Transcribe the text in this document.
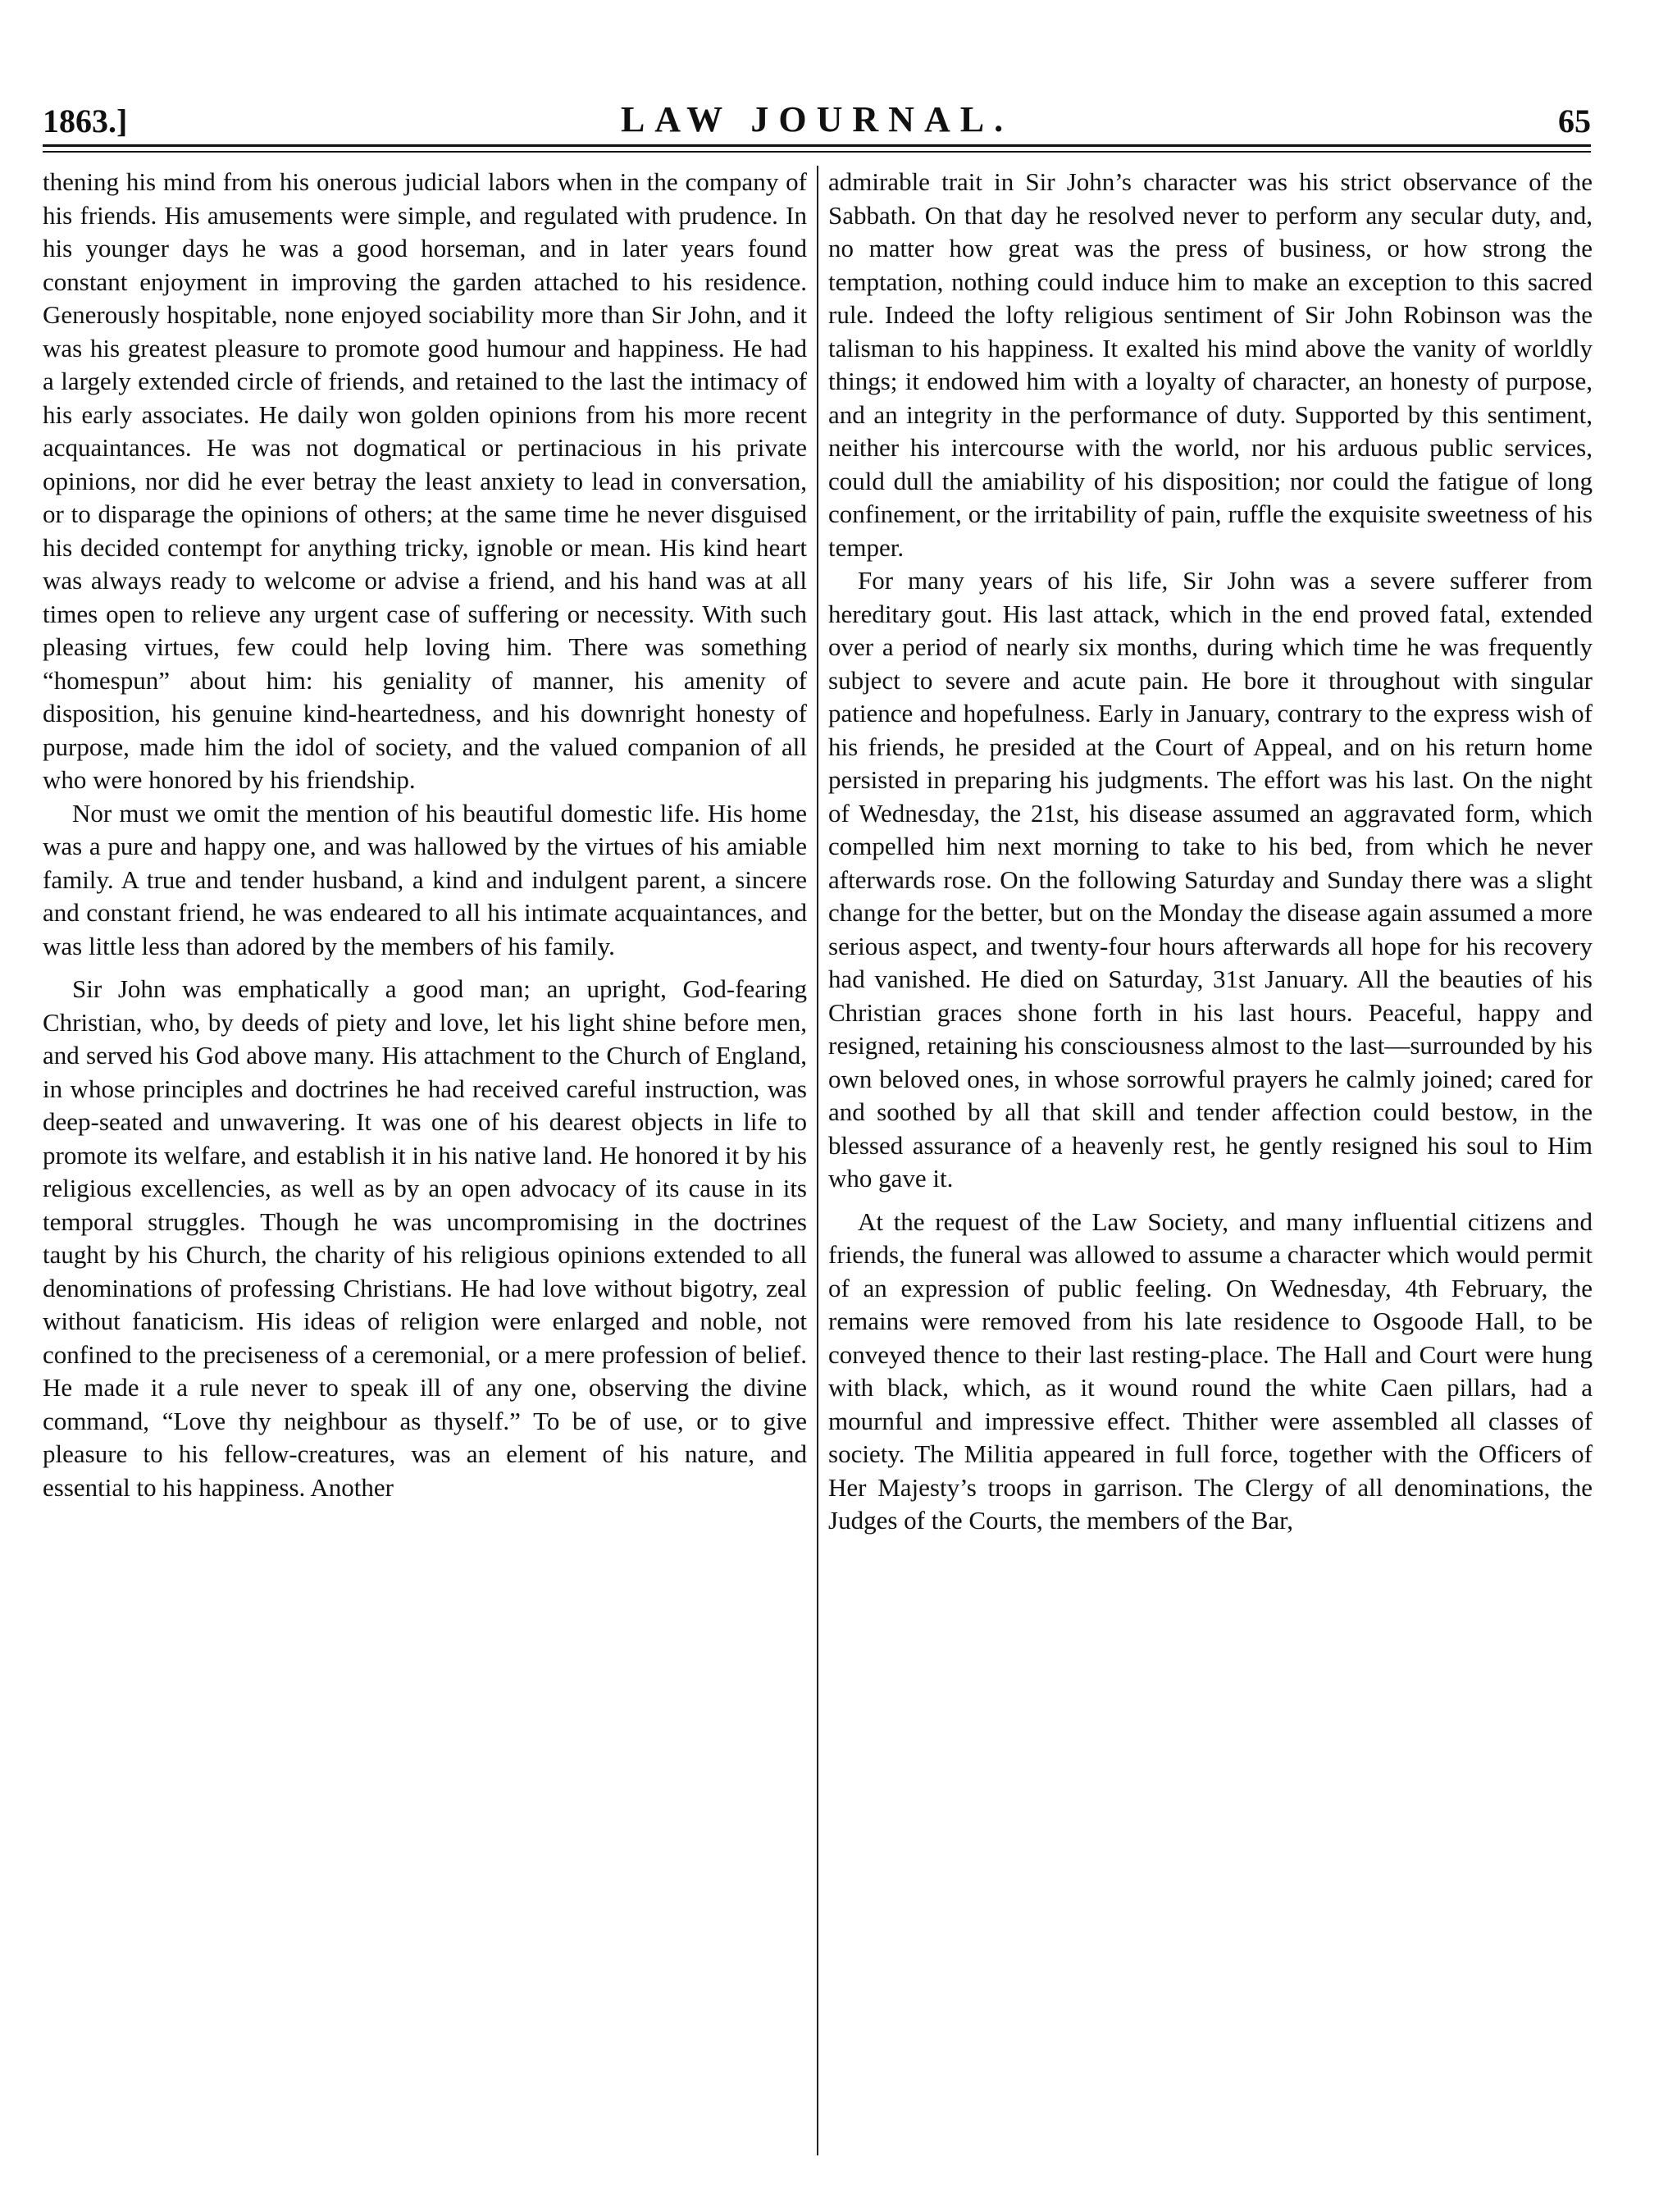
1863.]	LAW JOURNAL.	65

thening his mind from his onerous judicial labors when in the company of his friends. His amusements were simple, and regulated with prudence. In his younger days he was a good horseman, and in later years found constant enjoyment in improving the garden attached to his residence. Generously hospitable, none enjoyed sociability more than Sir John, and it was his greatest pleasure to promote good humour and happiness. He had a largely extended circle of friends, and retained to the last the intimacy of his early associates. He daily won golden opinions from his more recent acquaintances. He was not dogmatical or pertinacious in his private opinions, nor did he ever betray the least anxiety to lead in conversation, or to disparage the opinions of others; at the same time he never disguised his decided contempt for anything tricky, ignoble or mean. His kind heart was always ready to welcome or advise a friend, and his hand was at all times open to relieve any urgent case of suffering or necessity. With such pleasing virtues, few could help loving him. There was something “homespun” about him: his geniality of manner, his amenity of disposition, his genuine kind-heartedness, and his downright honesty of purpose, made him the idol of society, and the valued companion of all who were honored by his friendship.

Nor must we omit the mention of his beautiful domestic life. His home was a pure and happy one, and was hallowed by the virtues of his amiable family. A true and tender husband, a kind and indulgent parent, a sincere and constant friend, he was endeared to all his intimate acquaintances, and was little less than adored by the members of his family.

Sir John was emphatically a good man; an upright, God-fearing Christian, who, by deeds of piety and love, let his light shine before men, and served his God above many. His attachment to the Church of England, in whose principles and doctrines he had received careful instruction, was deep-seated and unwavering. It was one of his dearest objects in life to promote its welfare, and establish it in his native land. He honored it by his religious excellencies, as well as by an open advocacy of its cause in its temporal struggles. Though he was uncompromising in the doctrines taught by his Church, the charity of his religious opinions extended to all denominations of professing Christians. He had love without bigotry, zeal without fanaticism. His ideas of religion were enlarged and noble, not confined to the preciseness of a ceremonial, or a mere profession of belief. He made it a rule never to speak ill of any one, observing the divine command, “Love thy neighbour as thyself.” To be of use, or to give pleasure to his fellow-creatures, was an element of his nature, and essential to his happiness. Another

admirable trait in Sir John’s character was his strict observance of the Sabbath. On that day he resolved never to perform any secular duty, and, no matter how great was the press of business, or how strong the temptation, nothing could induce him to make an exception to this sacred rule. Indeed the lofty religious sentiment of Sir John Robinson was the talisman to his happiness. It exalted his mind above the vanity of worldly things; it endowed him with a loyalty of character, an honesty of purpose, and an integrity in the performance of duty. Supported by this sentiment, neither his intercourse with the world, nor his arduous public services, could dull the amiability of his disposition; nor could the fatigue of long confinement, or the irritability of pain, ruffle the exquisite sweetness of his temper.

For many years of his life, Sir John was a severe sufferer from hereditary gout. His last attack, which in the end proved fatal, extended over a period of nearly six months, during which time he was frequently subject to severe and acute pain. He bore it throughout with singular patience and hopefulness. Early in January, contrary to the express wish of his friends, he presided at the Court of Appeal, and on his return home persisted in preparing his judgments. The effort was his last. On the night of Wednesday, the 21st, his disease assumed an aggravated form, which compelled him next morning to take to his bed, from which he never afterwards rose. On the following Saturday and Sunday there was a slight change for the better, but on the Monday the disease again assumed a more serious aspect, and twenty-four hours afterwards all hope for his recovery had vanished. He died on Saturday, 31st January. All the beauties of his Christian graces shone forth in his last hours. Peaceful, happy and resigned, retaining his consciousness almost to the last—surrounded by his own beloved ones, in whose sorrowful prayers he calmly joined; cared for and soothed by all that skill and tender affection could bestow, in the blessed assurance of a heavenly rest, he gently resigned his soul to Him who gave it.

At the request of the Law Society, and many influential citizens and friends, the funeral was allowed to assume a character which would permit of an expression of public feeling. On Wednesday, 4th February, the remains were removed from his late residence to Osgoode Hall, to be conveyed thence to their last resting-place. The Hall and Court were hung with black, which, as it wound round the white Caen pillars, had a mournful and impressive effect. Thither were assembled all classes of society. The Militia appeared in full force, together with the Officers of Her Majesty’s troops in garrison. The Clergy of all denominations, the Judges of the Courts, the members of the Bar,
